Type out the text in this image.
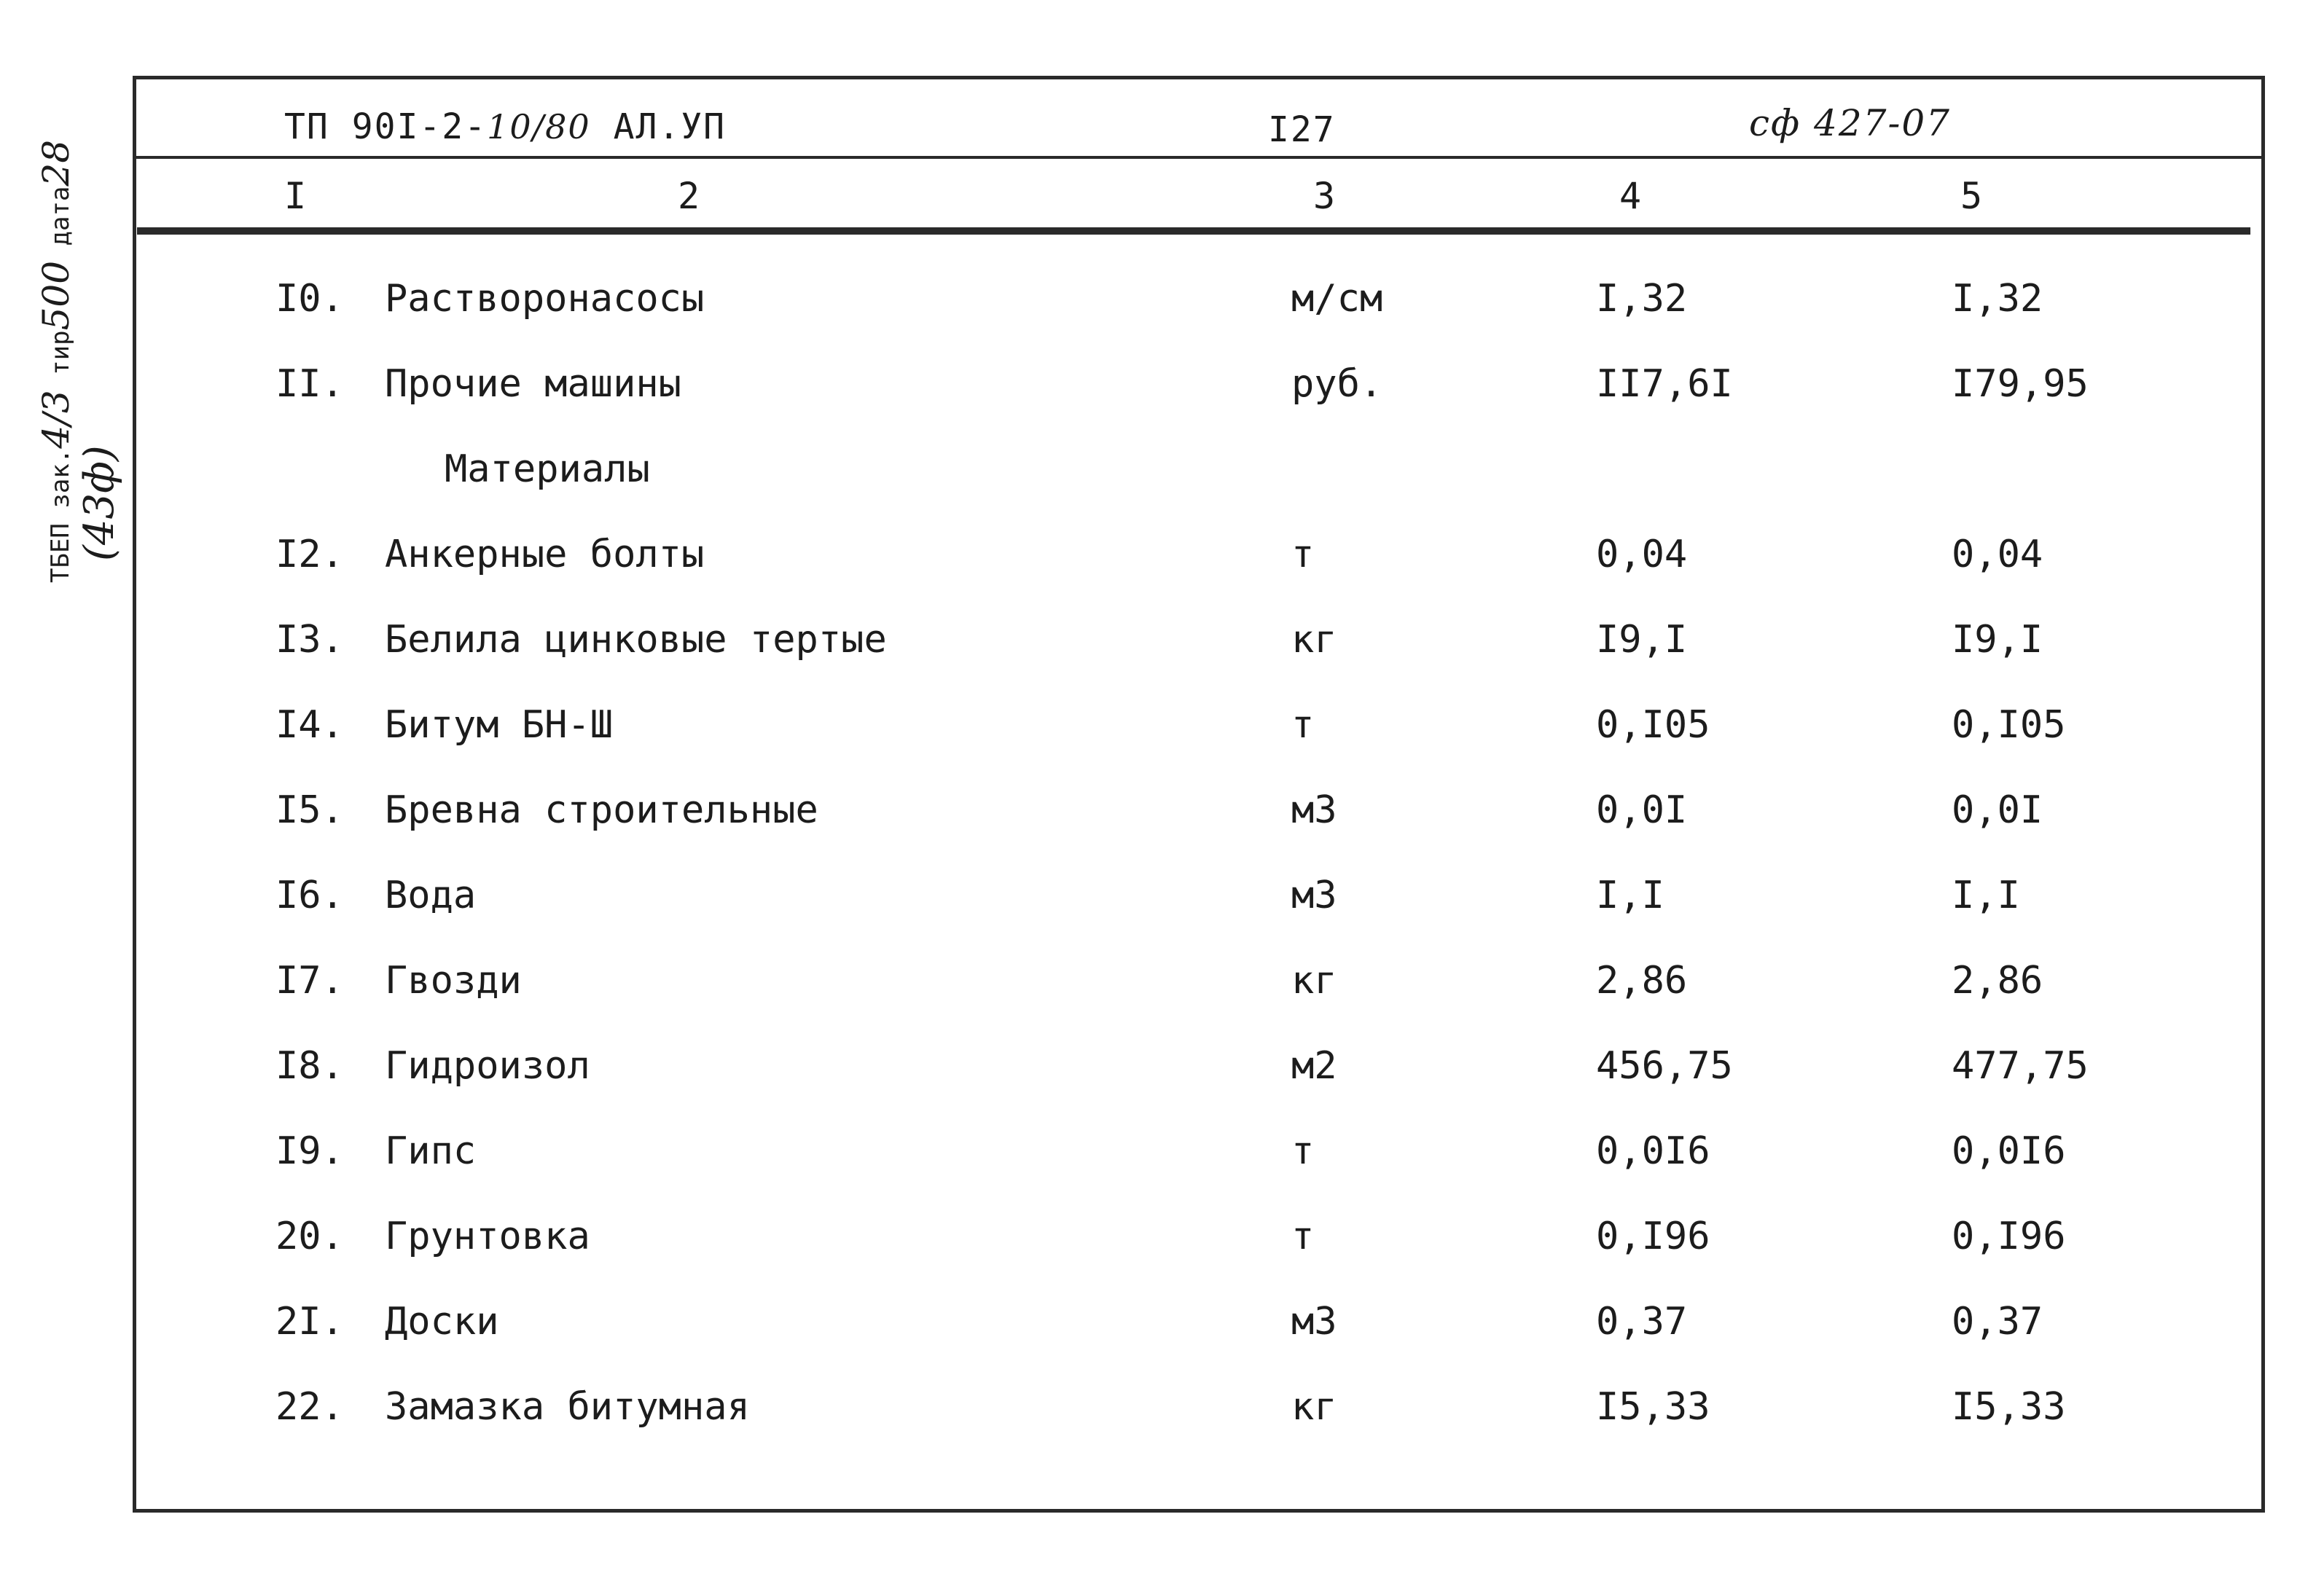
ТБЕП зак.4/3 тир500 дата28
(43ф)
ТП 90I-2-10/80 АЛ.УП	I27	сф 427-07
I	2	3	4	5
I0. Растворонасосы	м/см	I,32	I,32
II. Прочие машины	руб.	II7,6I	I79,95
Материалы
I2. Анкерные болты	т	0,04	0,04
I3. Белила цинковые тертые	кг	I9,I	I9,I
I4. Битум БН-Ш	т	0,I05	0,I05
I5. Бревна строительные	м3	0,0I	0,0I
I6. Вода	м3	I,I	I,I
I7. Гвозди	кг	2,86	2,86
I8. Гидроизол	м2	456,75	477,75
I9. Гипс	т	0,0I6	0,0I6
20. Грунтовка	т	0,I96	0,I96
2I. Доски	м3	0,37	0,37
22. Замазка битумная	кг	I5,33	I5,33
